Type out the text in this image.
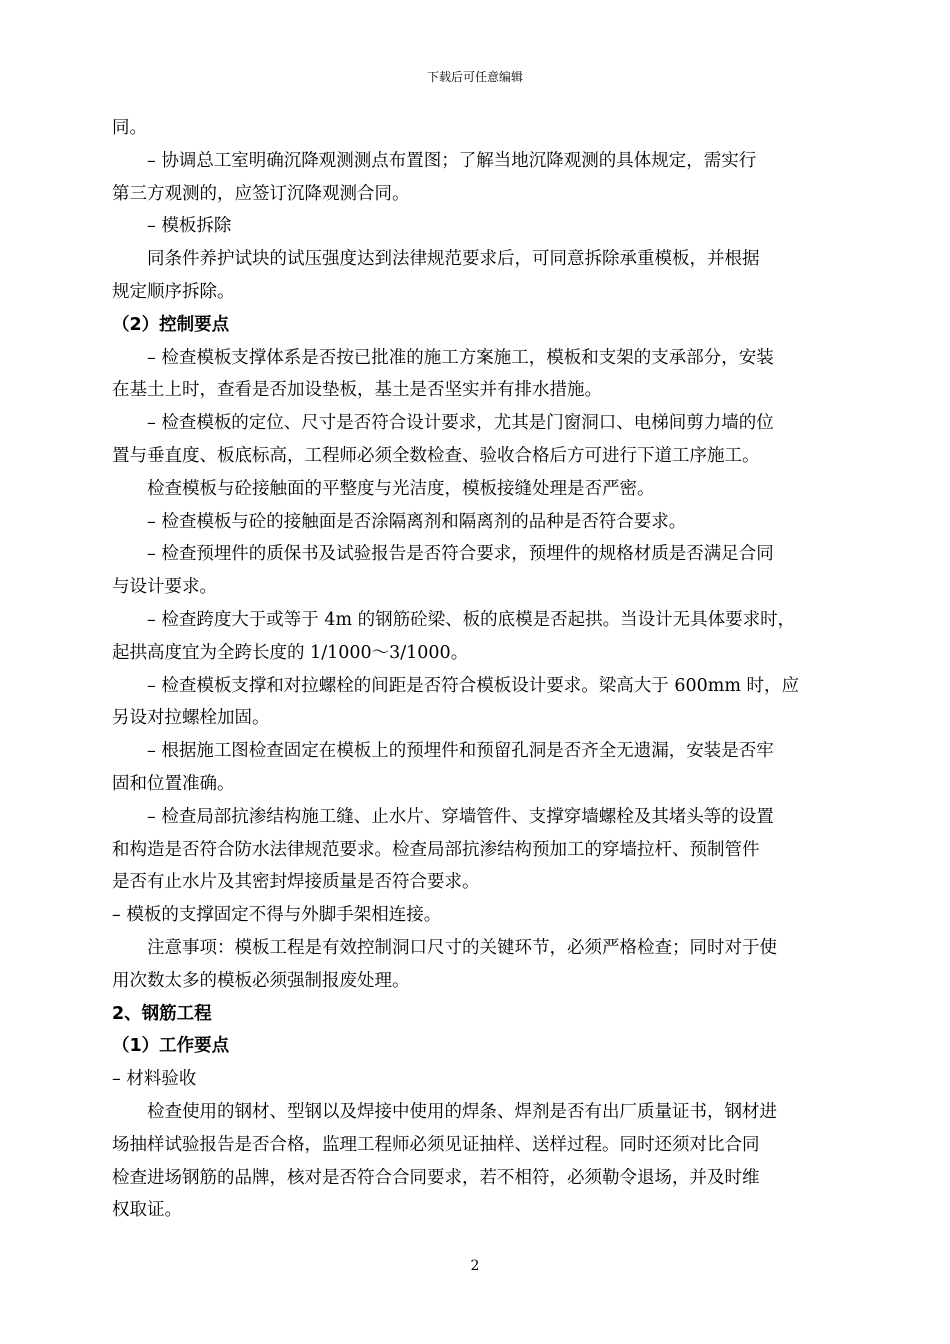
下载后可任意编辑
同。
– 协调总工室明确沉降观测测点布置图；了解当地沉降观测的具体规定，需实行
第三方观测的，应签订沉降观测合同。
– 模板拆除
同条件养护试块的试压强度达到法律规范要求后，可同意拆除承重模板，并根据
规定顺序拆除。
（2）控制要点
– 检查模板支撑体系是否按已批准的施工方案施工，模板和支架的支承部分，安装
在基土上时，查看是否加设垫板，基土是否坚实并有排水措施。
– 检查模板的定位、尺寸是否符合设计要求，尤其是门窗洞口、电梯间剪力墙的位
置与垂直度、板底标高，工程师必须全数检查、验收合格后方可进行下道工序施工。
检查模板与砼接触面的平整度与光洁度，模板接缝处理是否严密。
– 检查模板与砼的接触面是否涂隔离剂和隔离剂的品种是否符合要求。
– 检查预埋件的质保书及试验报告是否符合要求，预埋件的规格材质是否满足合同
与设计要求。
– 检查跨度大于或等于 4m 的钢筋砼梁、板的底模是否起拱。当设计无具体要求时，
起拱高度宜为全跨长度的 1/1000～3/1000。
– 检查模板支撑和对拉螺栓的间距是否符合模板设计要求。梁高大于 600mm 时，应
另设对拉螺栓加固。
– 根据施工图检查固定在模板上的预埋件和预留孔洞是否齐全无遗漏，安装是否牢
固和位置准确。
– 检查局部抗渗结构施工缝、止水片、穿墙管件、支撑穿墙螺栓及其堵头等的设置
和构造是否符合防水法律规范要求。检查局部抗渗结构预加工的穿墙拉杆、预制管件
是否有止水片及其密封焊接质量是否符合要求。
– 模板的支撑固定不得与外脚手架相连接。
注意事项：模板工程是有效控制洞口尺寸的关键环节，必须严格检查；同时对于使
用次数太多的模板必须强制报废处理。
2、钢筋工程
（1）工作要点
– 材料验收
检查使用的钢材、型钢以及焊接中使用的焊条、焊剂是否有出厂质量证书，钢材进
场抽样试验报告是否合格，监理工程师必须见证抽样、送样过程。同时还须对比合同
检查进场钢筋的品牌，核对是否符合合同要求，若不相符，必须勒令退场，并及时维
权取证。
2
